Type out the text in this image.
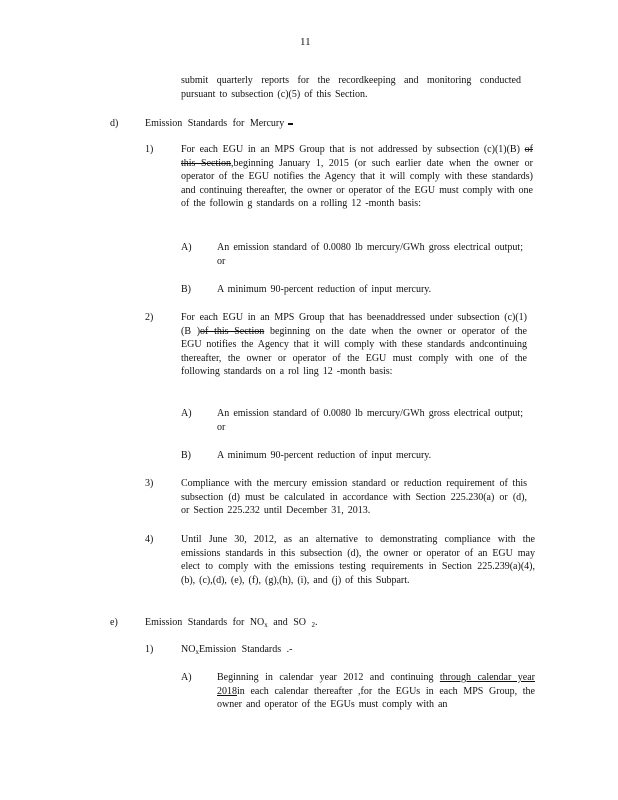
11

submit quarterly reports for the recordkeeping and monitoring conducted pursuant to subsection (c)(5) of this Section.

d)	Emission Standards for Mercury
1)	For each EGU in an MPS Group that is not addressed by subsection (c)(1)(B) of this Section,beginning January 1, 2015 (or such earlier date when the owner or operator of the EGU notifies the Agency that it will comply with these standards) and continuing thereafter, the owner or operator of the EGU must comply with one of the followin g standards on a rolling 12 -month basis:

A)	An emission standard of 0.0080 lb mercury/GWh gross electrical output; or

B)	A minimum 90-percent reduction of input mercury.

2)	For each EGU in an MPS Group that has beenaddressed under subsection (c)(1)(B )of this Section beginning on the date when the owner or operator of the EGU notifies the Agency that it will comply with these standards andcontinuing thereafter, the owner or operator of the EGU must comply with one of the following standards on a rol ling 12 -month basis:

A)	An emission standard of 0.0080 lb mercury/GWh gross electrical output; or

B)	A minimum 90-percent reduction of input mercury.

3)	Compliance with the mercury emission standard or reduction requirement of this subsection (d) must be calculated in accordance with Section 225.230(a) or (d), or Section 225.232 until December 31, 2013.

4)	Until June 30, 2012, as an alternative to demonstrating compliance with the emissions standards in this subsection (d), the owner or operator of an EGU may elect to comply with the emissions testing requirements in Section 225.239(a)(4), (b), (c),(d), (e), (f), (g),(h), (i), and (j) of this Subpart.

e)	Emission Standards for $NO_x$ and SO $_2$.
1)	$NO_xEmission$ Standards .-
A)	Beginning in calendar year 2012 and continuing through calendar year 2018in each calendar thereafter ,for the EGUs in each MPS Group, the owner and operator of the EGUs must comply with an
